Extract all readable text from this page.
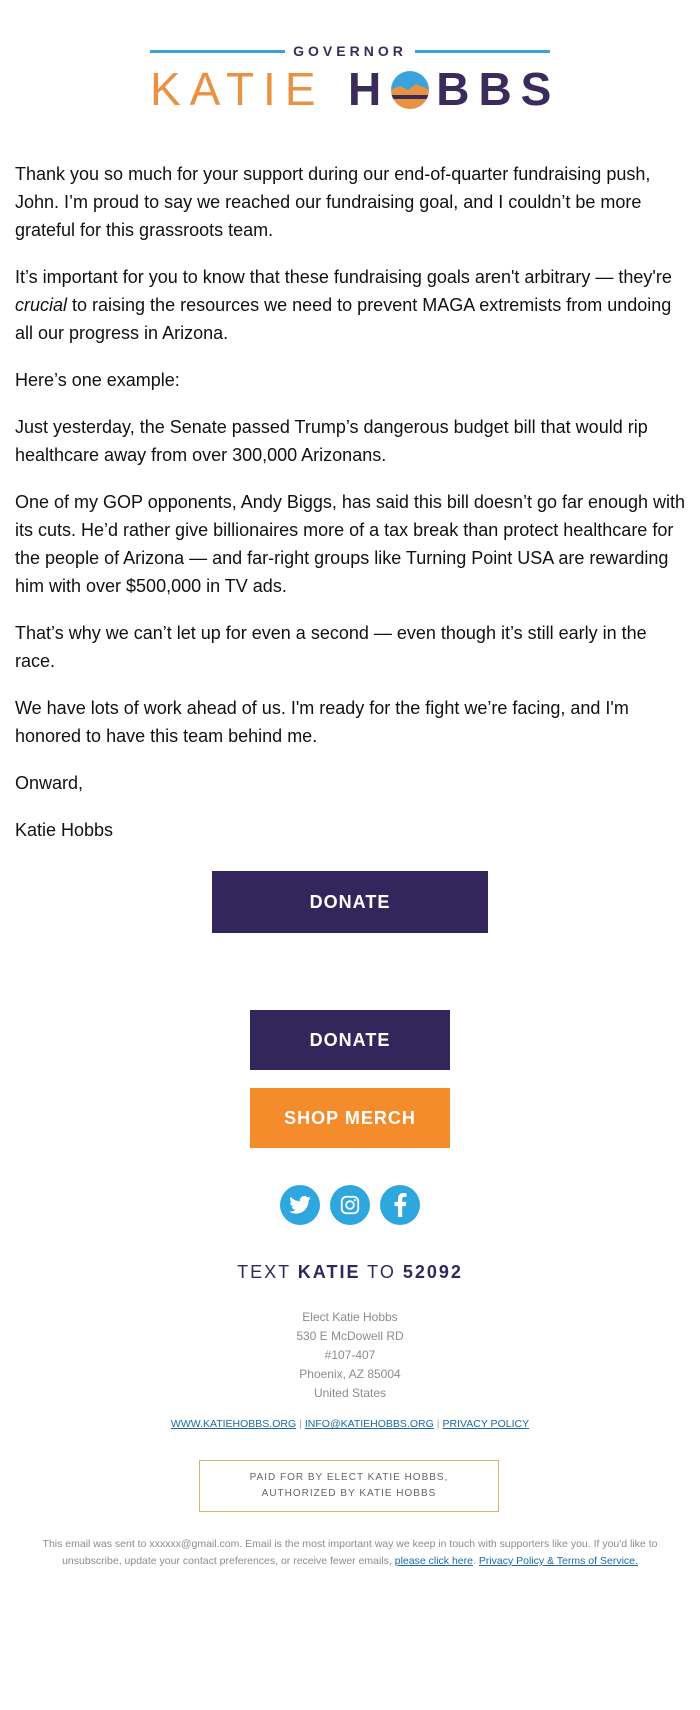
GOVERNOR
KATIE H BBS

Thank you so much for your support during our end-of-quarter fundraising push, John. I’m proud to say we reached our fundraising goal, and I couldn’t be more grateful for this grassroots team.

It’s important for you to know that these fundraising goals aren't arbitrary — they're crucial to raising the resources we need to prevent MAGA extremists from undoing all our progress in Arizona.

Here’s one example:

Just yesterday, the Senate passed Trump’s dangerous budget bill that would rip healthcare away from over 300,000 Arizonans.

One of my GOP opponents, Andy Biggs, has said this bill doesn’t go far enough with its cuts. He’d rather give billionaires more of a tax break than protect healthcare for the people of Arizona — and far-right groups like Turning Point USA are rewarding him with over $500,000 in TV ads.

That’s why we can’t let up for even a second — even though it’s still early in the race.

We have lots of work ahead of us. I'm ready for the fight we’re facing, and I'm honored to have this team behind me.

Onward,

Katie Hobbs

DONATE
DONATE
SHOP MERCH
TEXT KATIE TO 52092
Elect Katie Hobbs
530 E McDowell RD
#107-407
Phoenix, AZ 85004
United States
WWW.KATIEHOBBS.ORG | INFO@KATIEHOBBS.ORG | PRIVACY POLICY
PAID FOR BY ELECT KATIE HOBBS,
AUTHORIZED BY KATIE HOBBS
This email was sent to xxxxxx@gmail.com. Email is the most important way we keep in touch with supporters like you. If you'd like to unsubscribe, update your contact preferences, or receive fewer emails, please click here. Privacy Policy & Terms of Service.
